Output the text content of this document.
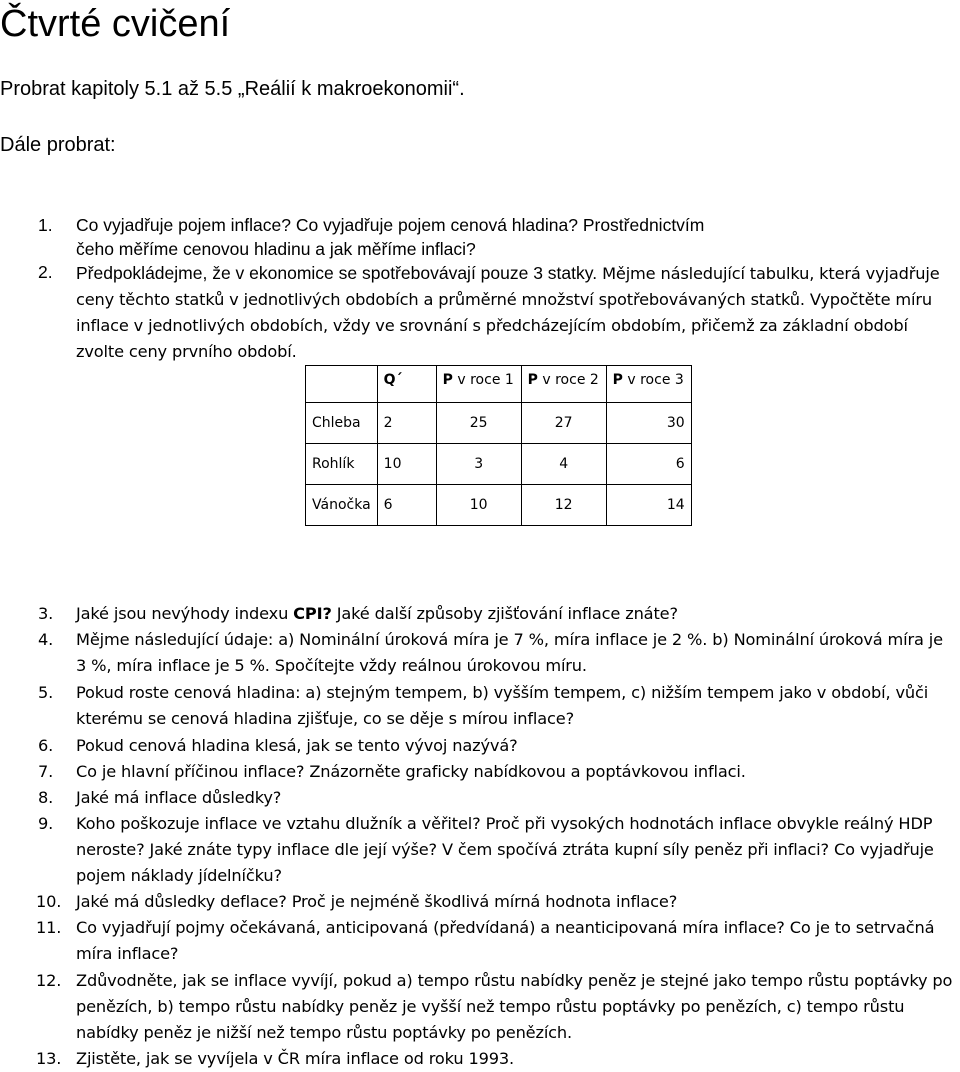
Čtvrté cvičení
Probrat kapitoly 5.1 až 5.5 „Reálií k makroekonomii“.
Dále probrat:
1. Co vyjadřuje pojem inflace? Co vyjadřuje pojem cenová hladina? Prostřednictvím čeho měříme cenovou hladinu a jak měříme inflaci?
2. Předpokládejme, že v ekonomice se spotřebovávají pouze 3 statky. Mějme následující tabulku, která vyjadřuje ceny těchto statků v jednotlivých obdobích a průměrné množství spotřebovávaných statků. Vypočtěte míru inflace v jednotlivých obdobích, vždy ve srovnání s předcházejícím obdobím, přičemž za základní období zvolte ceny prvního období.
	Q´	P v roce 1	P v roce 2	P v roce 3
Chleba	2	25	27	30
Rohlík	10	3	4	6
Vánočka	6	10	12	14
3. Jaké jsou nevýhody indexu CPI? Jaké další způsoby zjišťování inflace znáte?
4. Mějme následující údaje: a) Nominální úroková míra je 7 %, míra inflace je 2 %. b) Nominální úroková míra je 3 %, míra inflace je 5 %. Spočítejte vždy reálnou úrokovou míru.
5. Pokud roste cenová hladina: a) stejným tempem, b) vyšším tempem, c) nižším tempem jako v období, vůči kterému se cenová hladina zjišťuje, co se děje s mírou inflace?
6. Pokud cenová hladina klesá, jak se tento vývoj nazývá?
7. Co je hlavní příčinou inflace? Znázorněte graficky nabídkovou a poptávkovou inflaci.
8. Jaké má inflace důsledky?
9. Koho poškozuje inflace ve vztahu dlužník a věřitel? Proč při vysokých hodnotách inflace obvykle reálný HDP neroste? Jaké znáte typy inflace dle její výše? V čem spočívá ztráta kupní síly peněz při inflaci? Co vyjadřuje pojem náklady jídelníčku?
10. Jaké má důsledky deflace? Proč je nejméně škodlivá mírná hodnota inflace?
11. Co vyjadřují pojmy očekávaná, anticipovaná (předvídaná) a neanticipovaná míra inflace? Co je to setrvačná míra inflace?
12. Zdůvodněte, jak se inflace vyvíjí, pokud a) tempo růstu nabídky peněz je stejné jako tempo růstu poptávky po penězích, b) tempo růstu nabídky peněz je vyšší než tempo růstu poptávky po penězích, c) tempo růstu nabídky peněz je nižší než tempo růstu poptávky po penězích.
13. Zjistěte, jak se vyvíjela v ČR míra inflace od roku 1993.
